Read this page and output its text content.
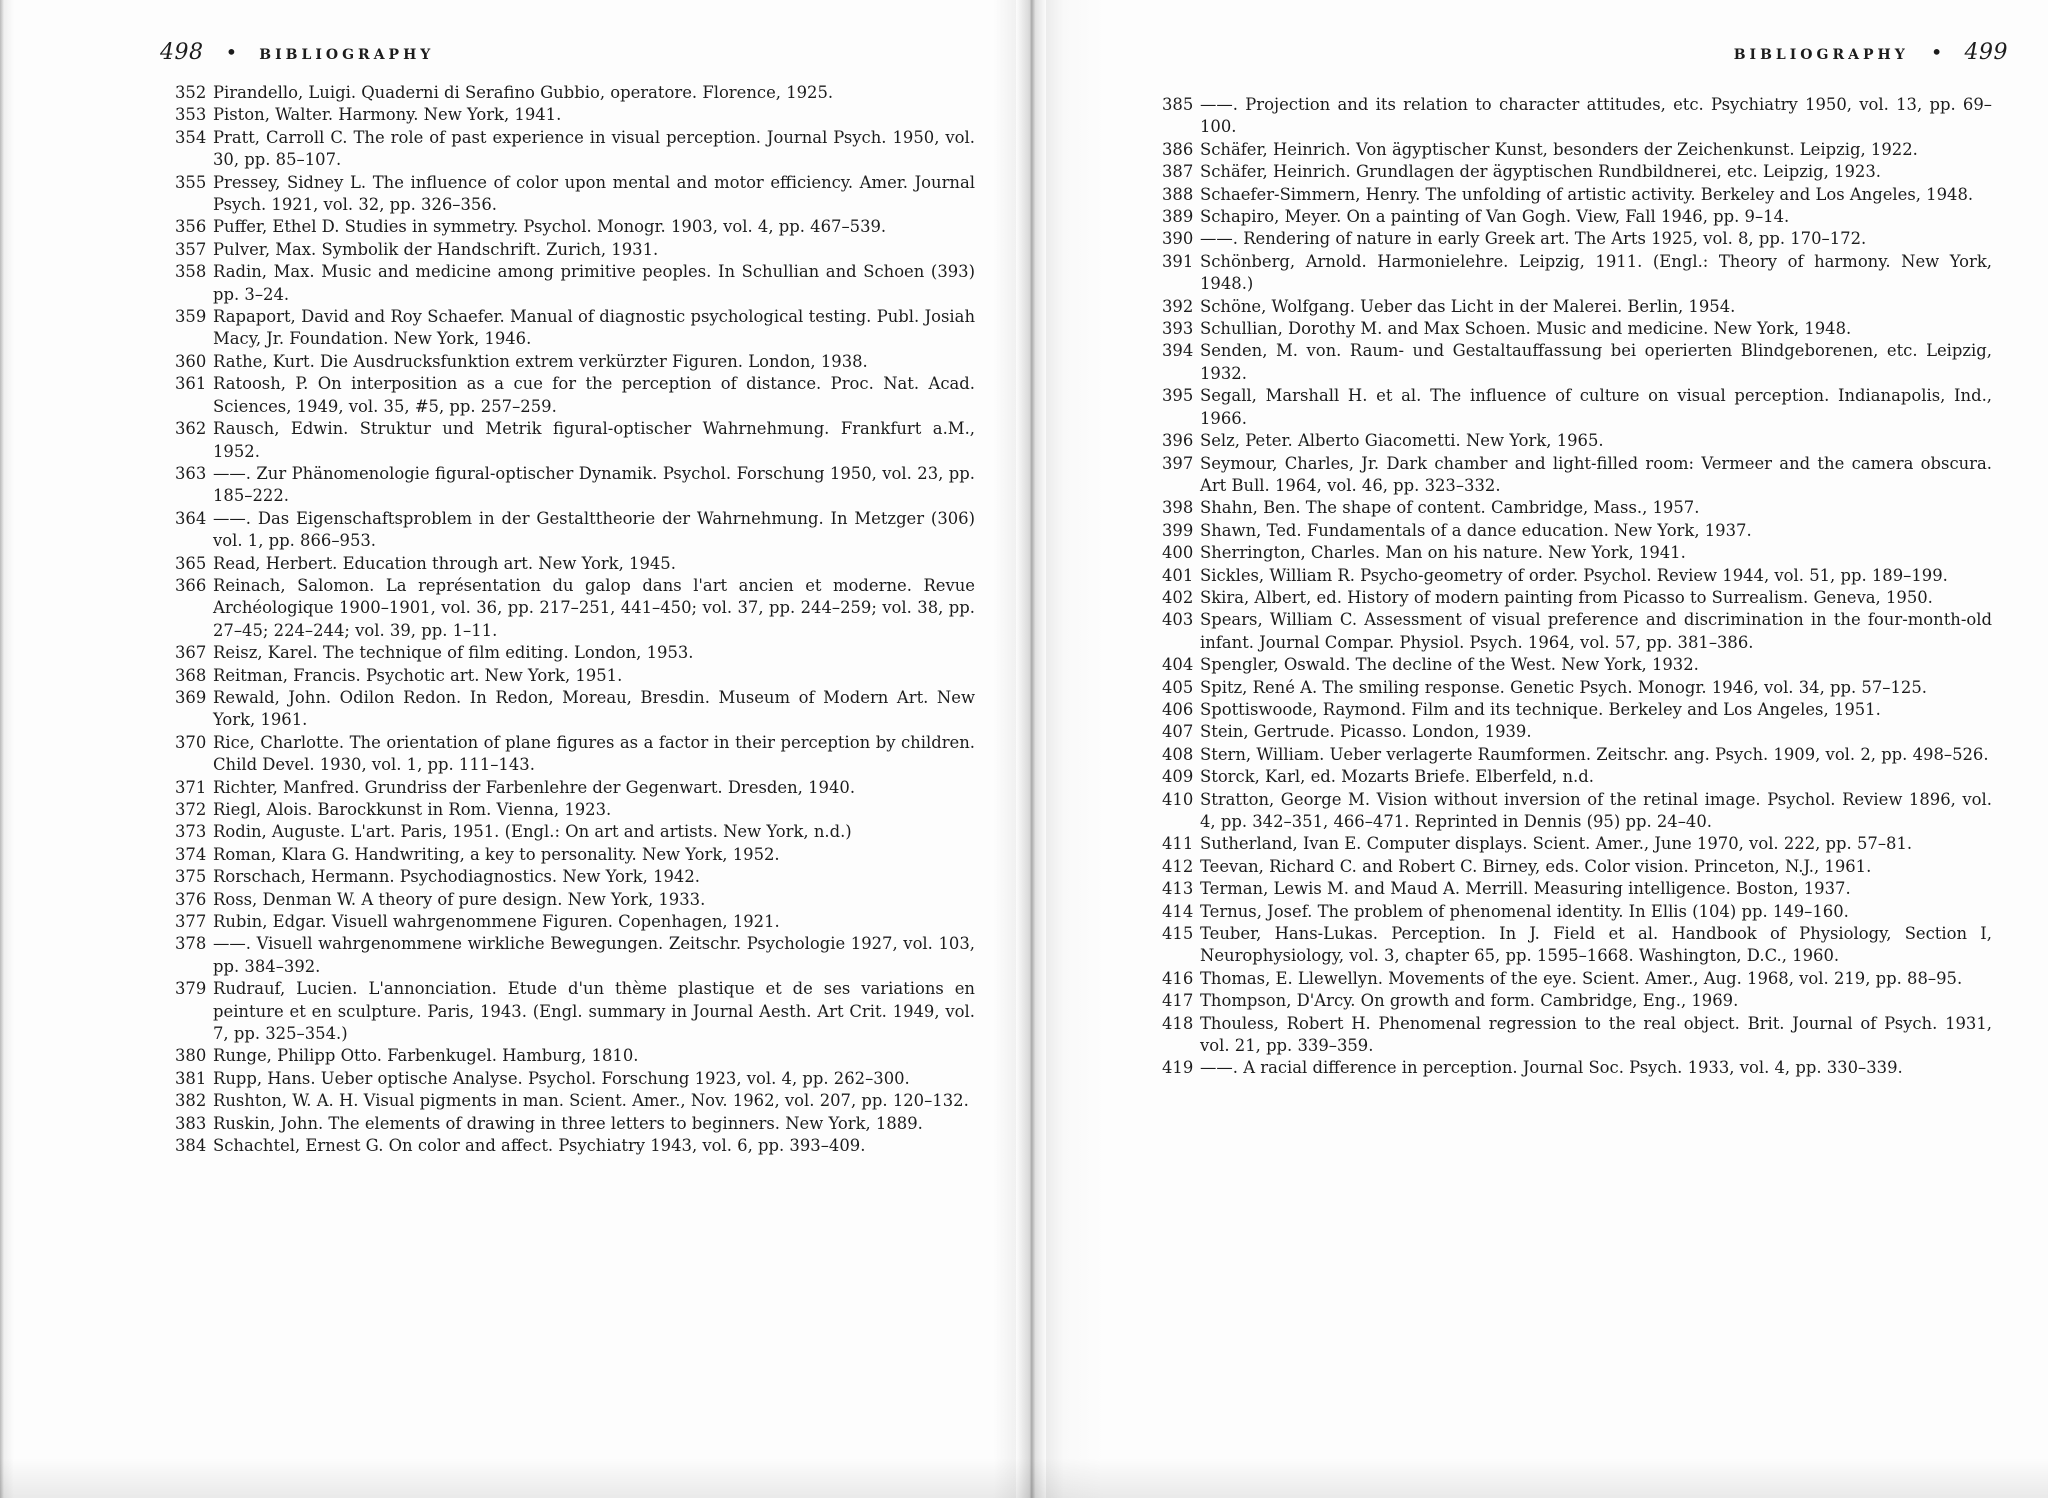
498 • BIBLIOGRAPHY

352 Pirandello, Luigi. Quaderni di Serafino Gubbio, operatore. Florence, 1925.

353 Piston, Walter. Harmony. New York, 1941.

354 Pratt, Carroll C. The role of past experience in visual perception. Journal Psych. 1950, vol. 30, pp. 85–107.

355 Pressey, Sidney L. The influence of color upon mental and motor efficiency. Amer. Journal Psych. 1921, vol. 32, pp. 326–356.

356 Puffer, Ethel D. Studies in symmetry. Psychol. Monogr. 1903, vol. 4, pp. 467–539.

357 Pulver, Max. Symbolik der Handschrift. Zurich, 1931.

358 Radin, Max. Music and medicine among primitive peoples. In Schullian and Schoen (393) pp. 3–24.

359 Rapaport, David and Roy Schaefer. Manual of diagnostic psychological testing. Publ. Josiah Macy, Jr. Foundation. New York, 1946.

360 Rathe, Kurt. Die Ausdrucksfunktion extrem verkürzter Figuren. London, 1938.

361 Ratoosh, P. On interposition as a cue for the perception of distance. Proc. Nat. Acad. Sciences, 1949, vol. 35, #5, pp. 257–259.

362 Rausch, Edwin. Struktur und Metrik figural-optischer Wahrnehmung. Frankfurt a.M., 1952.

363 ——. Zur Phänomenologie figural-optischer Dynamik. Psychol. Forschung 1950, vol. 23, pp. 185–222.

364 ——. Das Eigenschaftsproblem in der Gestalttheorie der Wahrnehmung. In Metzger (306) vol. 1, pp. 866–953.

365 Read, Herbert. Education through art. New York, 1945.

366 Reinach, Salomon. La représentation du galop dans l'art ancien et moderne. Revue Archéologique 1900–1901, vol. 36, pp. 217–251, 441–450; vol. 37, pp. 244–259; vol. 38, pp. 27–45; 224–244; vol. 39, pp. 1–11.

367 Reisz, Karel. The technique of film editing. London, 1953.

368 Reitman, Francis. Psychotic art. New York, 1951.

369 Rewald, John. Odilon Redon. In Redon, Moreau, Bresdin. Museum of Modern Art. New York, 1961.

370 Rice, Charlotte. The orientation of plane figures as a factor in their perception by children. Child Devel. 1930, vol. 1, pp. 111–143.

371 Richter, Manfred. Grundriss der Farbenlehre der Gegenwart. Dresden, 1940.

372 Riegl, Alois. Barockkunst in Rom. Vienna, 1923.

373 Rodin, Auguste. L'art. Paris, 1951. (Engl.: On art and artists. New York, n.d.)

374 Roman, Klara G. Handwriting, a key to personality. New York, 1952.

375 Rorschach, Hermann. Psychodiagnostics. New York, 1942.

376 Ross, Denman W. A theory of pure design. New York, 1933.

377 Rubin, Edgar. Visuell wahrgenommene Figuren. Copenhagen, 1921.

378 ——. Visuell wahrgenommene wirkliche Bewegungen. Zeitschr. Psychologie 1927, vol. 103, pp. 384–392.

379 Rudrauf, Lucien. L'annonciation. Etude d'un thème plastique et de ses variations en peinture et en sculpture. Paris, 1943. (Engl. summary in Journal Aesth. Art Crit. 1949, vol. 7, pp. 325–354.)

380 Runge, Philipp Otto. Farbenkugel. Hamburg, 1810.

381 Rupp, Hans. Ueber optische Analyse. Psychol. Forschung 1923, vol. 4, pp. 262–300.

382 Rushton, W. A. H. Visual pigments in man. Scient. Amer., Nov. 1962, vol. 207, pp. 120–132.

383 Ruskin, John. The elements of drawing in three letters to beginners. New York, 1889.

384 Schachtel, Ernest G. On color and affect. Psychiatry 1943, vol. 6, pp. 393–409.

BIBLIOGRAPHY • 499

385 ——. Projection and its relation to character attitudes, etc. Psychiatry 1950, vol. 13, pp. 69–100.

386 Schäfer, Heinrich. Von ägyptischer Kunst, besonders der Zeichenkunst. Leipzig, 1922.

387 Schäfer, Heinrich. Grundlagen der ägyptischen Rundbildnerei, etc. Leipzig, 1923.

388 Schaefer-Simmern, Henry. The unfolding of artistic activity. Berkeley and Los Angeles, 1948.

389 Schapiro, Meyer. On a painting of Van Gogh. View, Fall 1946, pp. 9–14.

390 ——. Rendering of nature in early Greek art. The Arts 1925, vol. 8, pp. 170–172.

391 Schönberg, Arnold. Harmonielehre. Leipzig, 1911. (Engl.: Theory of harmony. New York, 1948.)

392 Schöne, Wolfgang. Ueber das Licht in der Malerei. Berlin, 1954.

393 Schullian, Dorothy M. and Max Schoen. Music and medicine. New York, 1948.

394 Senden, M. von. Raum- und Gestaltauffassung bei operierten Blindgeborenen, etc. Leipzig, 1932.

395 Segall, Marshall H. et al. The influence of culture on visual perception. Indianapolis, Ind., 1966.

396 Selz, Peter. Alberto Giacometti. New York, 1965.

397 Seymour, Charles, Jr. Dark chamber and light-filled room: Vermeer and the camera obscura. Art Bull. 1964, vol. 46, pp. 323–332.

398 Shahn, Ben. The shape of content. Cambridge, Mass., 1957.

399 Shawn, Ted. Fundamentals of a dance education. New York, 1937.

400 Sherrington, Charles. Man on his nature. New York, 1941.

401 Sickles, William R. Psycho-geometry of order. Psychol. Review 1944, vol. 51, pp. 189–199.

402 Skira, Albert, ed. History of modern painting from Picasso to Surrealism. Geneva, 1950.

403 Spears, William C. Assessment of visual preference and discrimination in the four-month-old infant. Journal Compar. Physiol. Psych. 1964, vol. 57, pp. 381–386.

404 Spengler, Oswald. The decline of the West. New York, 1932.

405 Spitz, René A. The smiling response. Genetic Psych. Monogr. 1946, vol. 34, pp. 57–125.

406 Spottiswoode, Raymond. Film and its technique. Berkeley and Los Angeles, 1951.

407 Stein, Gertrude. Picasso. London, 1939.

408 Stern, William. Ueber verlagerte Raumformen. Zeitschr. ang. Psych. 1909, vol. 2, pp. 498–526.

409 Storck, Karl, ed. Mozarts Briefe. Elberfeld, n.d.

410 Stratton, George M. Vision without inversion of the retinal image. Psychol. Review 1896, vol. 4, pp. 342–351, 466–471. Reprinted in Dennis (95) pp. 24–40.

411 Sutherland, Ivan E. Computer displays. Scient. Amer., June 1970, vol. 222, pp. 57–81.

412 Teevan, Richard C. and Robert C. Birney, eds. Color vision. Princeton, N.J., 1961.

413 Terman, Lewis M. and Maud A. Merrill. Measuring intelligence. Boston, 1937.

414 Ternus, Josef. The problem of phenomenal identity. In Ellis (104) pp. 149–160.

415 Teuber, Hans-Lukas. Perception. In J. Field et al. Handbook of Physiology, Section I, Neurophysiology, vol. 3, chapter 65, pp. 1595–1668. Washington, D.C., 1960.

416 Thomas, E. Llewellyn. Movements of the eye. Scient. Amer., Aug. 1968, vol. 219, pp. 88–95.

417 Thompson, D'Arcy. On growth and form. Cambridge, Eng., 1969.

418 Thouless, Robert H. Phenomenal regression to the real object. Brit. Journal of Psych. 1931, vol. 21, pp. 339–359.

419 ——. A racial difference in perception. Journal Soc. Psych. 1933, vol. 4, pp. 330–339.
